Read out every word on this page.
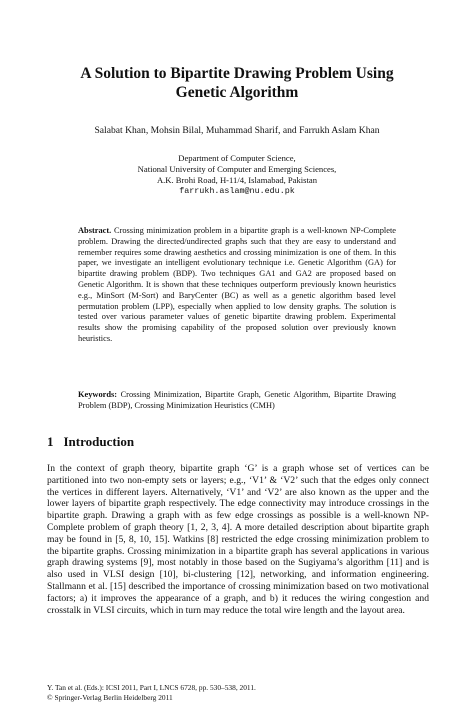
A Solution to Bipartite Drawing Problem Using
Genetic Algorithm
Salabat Khan, Mohsin Bilal, Muhammad Sharif, and Farrukh Aslam Khan
Department of Computer Science,
National University of Computer and Emerging Sciences,
A.K. Brohi Road, H-11/4, Islamabad, Pakistan
farrukh.aslam@nu.edu.pk
Abstract. Crossing minimization problem in a bipartite graph is a well-known NP-Complete problem. Drawing the directed/undirected graphs such that they are easy to understand and remember requires some drawing aesthetics and crossing minimization is one of them. In this paper, we investigate an intelligent evolutionary technique i.e. Genetic Algorithm (GA) for bipartite drawing problem (BDP). Two techniques GA1 and GA2 are proposed based on Genetic Algorithm. It is shown that these techniques outperform previously known heuristics e.g., MinSort (M-Sort) and BaryCenter (BC) as well as a genetic algorithm based level permutation problem (LPP), especially when applied to low density graphs. The solution is tested over various parameter values of genetic bipartite drawing problem. Experimental results show the promising capability of the proposed solution over previously known heuristics.
Keywords: Crossing Minimization, Bipartite Graph, Genetic Algorithm, Bipartite Drawing Problem (BDP), Crossing Minimization Heuristics (CMH)
1 Introduction
In the context of graph theory, bipartite graph ‘G’ is a graph whose set of vertices can be partitioned into two non-empty sets or layers; e.g., ‘V1’ & ‘V2’ such that the edges only connect the vertices in different layers. Alternatively, ‘V1’ and ‘V2’ are also known as the upper and the lower layers of bipartite graph respectively. The edge connectivity may introduce crossings in the bipartite graph. Drawing a graph with as few edge crossings as possible is a well-known NP-Complete problem of graph theory [1, 2, 3, 4]. A more detailed description about bipartite graph may be found in [5, 8, 10, 15]. Watkins [8] restricted the edge crossing minimization problem to the bipartite graphs. Crossing minimization in a bipartite graph has several applications in various graph drawing systems [9], most notably in those based on the Sugiyama’s algorithm [11] and is also used in VLSI design [10], bi-clustering [12], networking, and information engineering. Stallmann et al. [15] described the importance of crossing minimization based on two motivational factors; a) it improves the appearance of a graph, and b) it reduces the wiring congestion and crosstalk in VLSI circuits, which in turn may reduce the total wire length and the layout area.
Y. Tan et al. (Eds.): ICSI 2011, Part I, LNCS 6728, pp. 530–538, 2011.
© Springer-Verlag Berlin Heidelberg 2011
